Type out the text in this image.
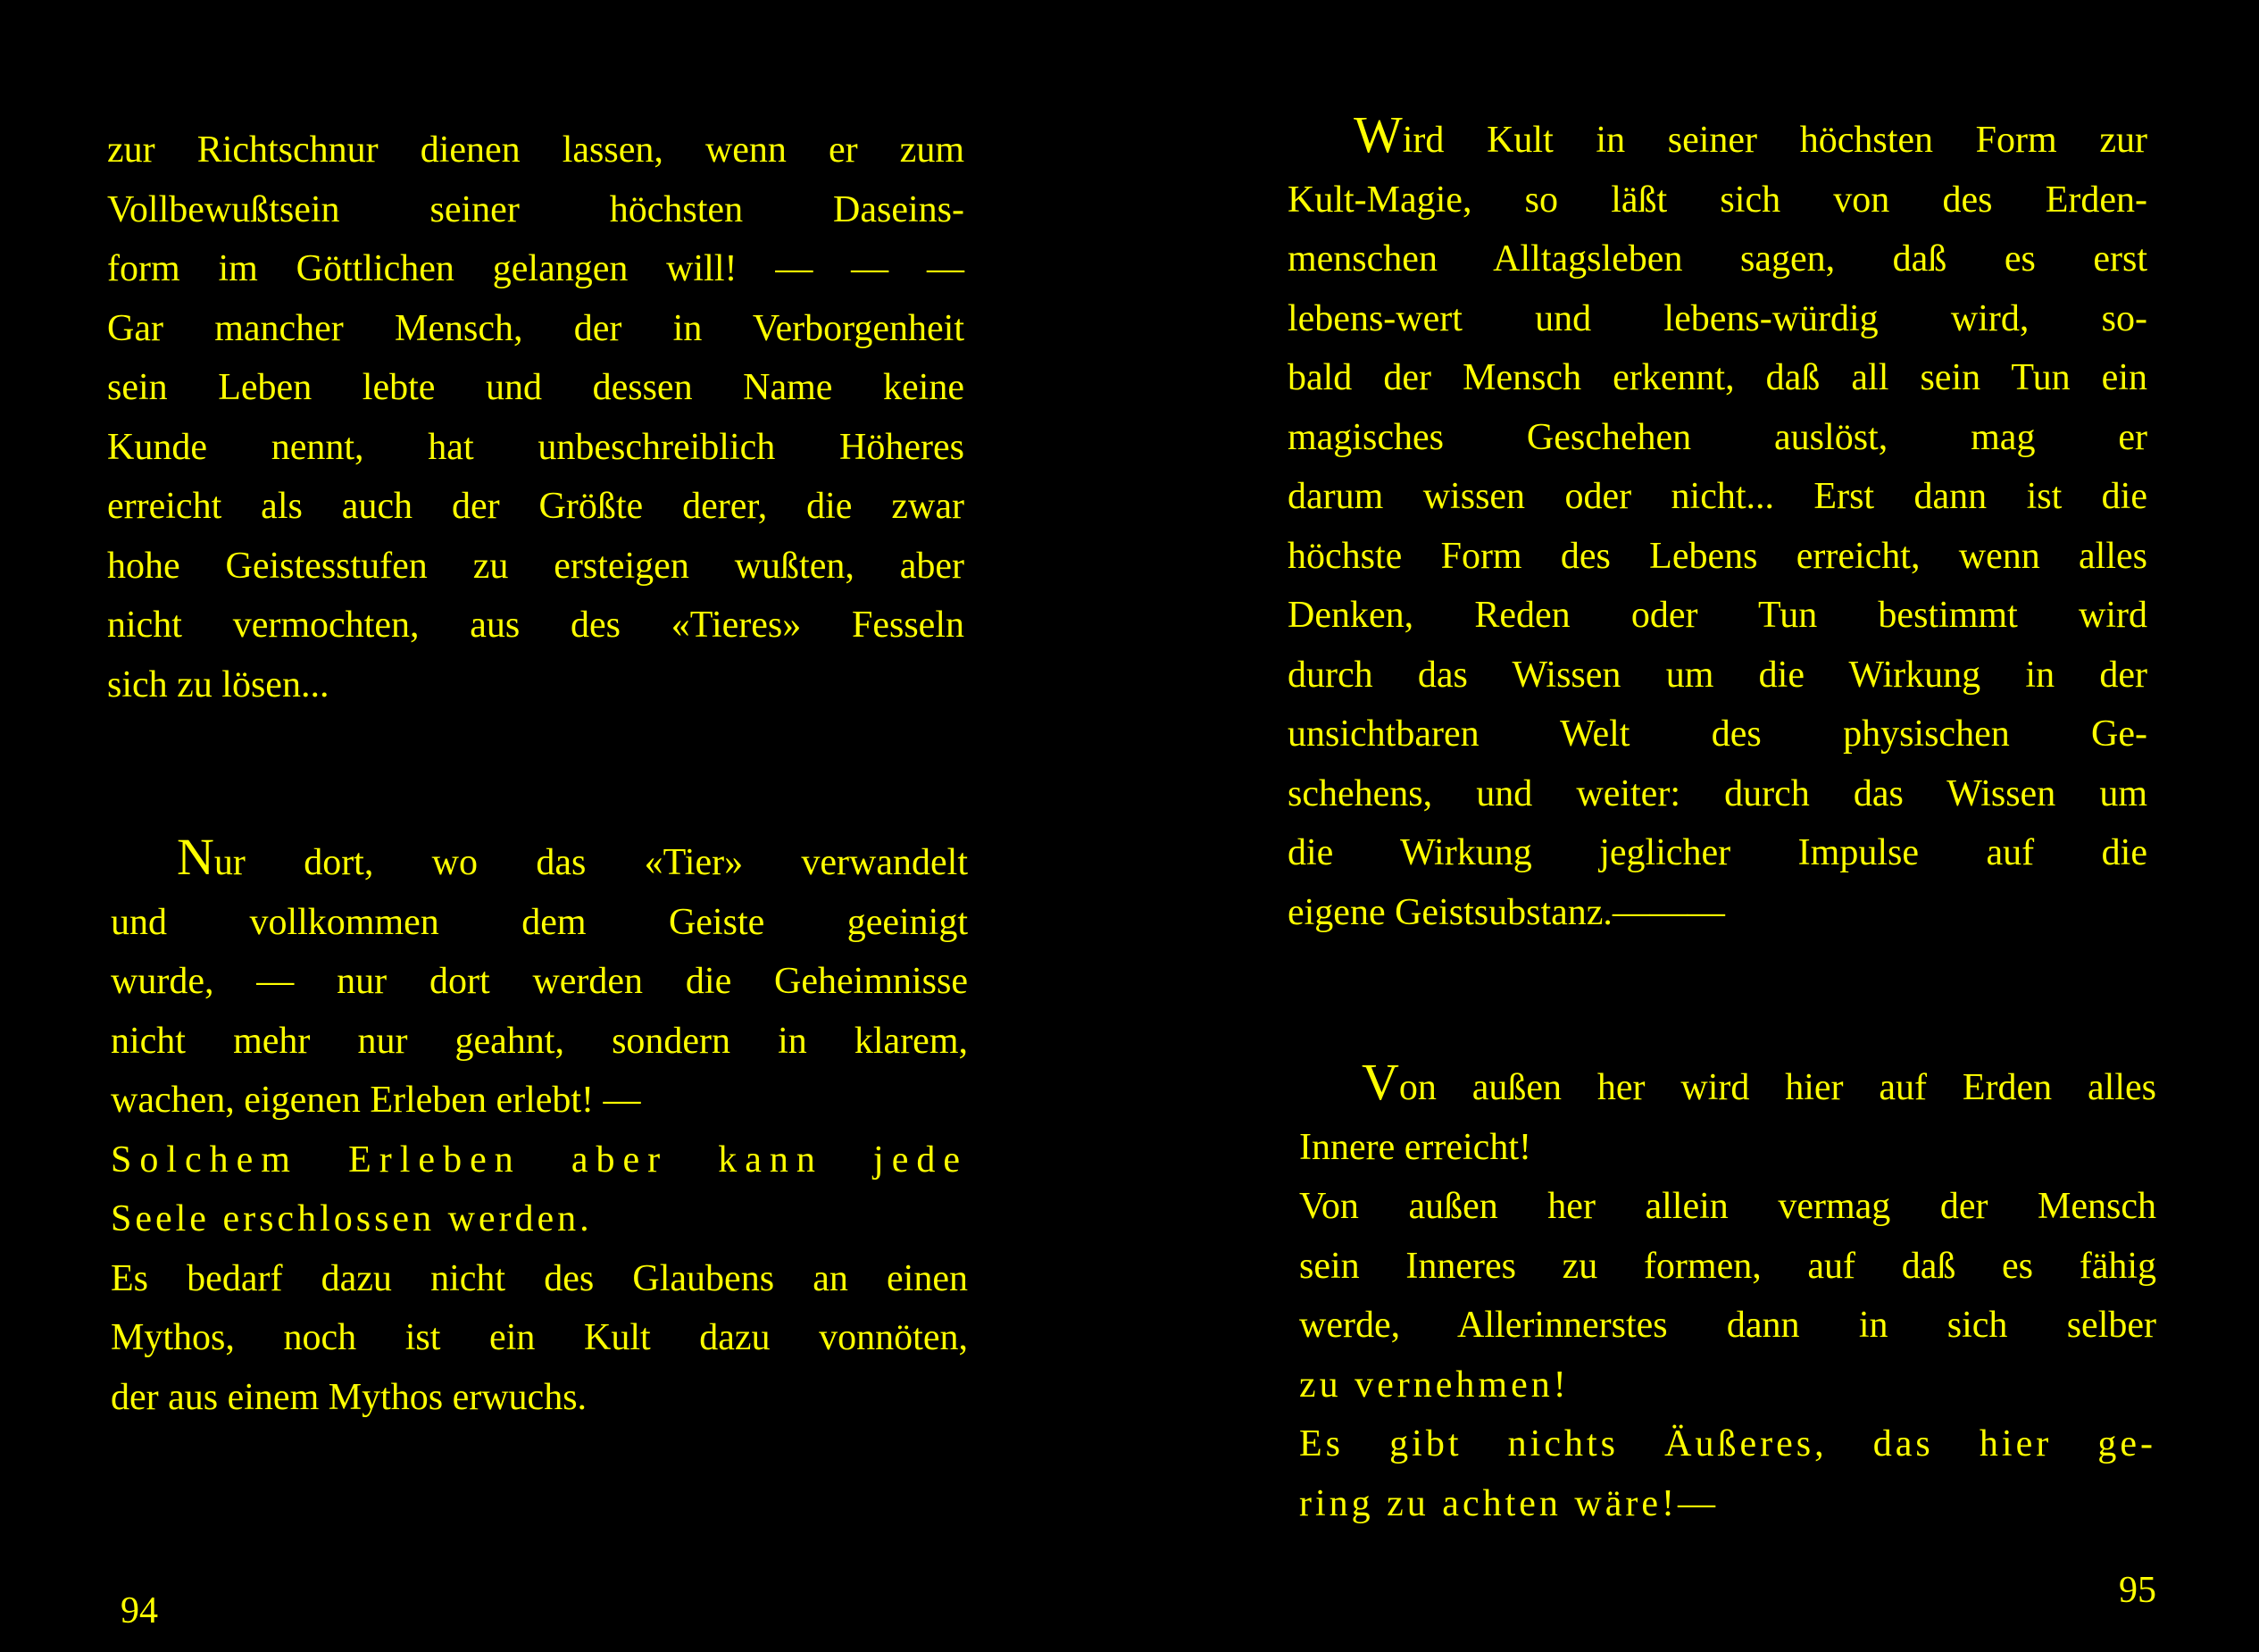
zur Richtschnur dienen lassen, wenn er zum
Vollbewußtsein seiner höchsten Daseins-
form im Göttlichen gelangen will! — — —
Gar mancher Mensch, der in Verborgenheit
sein Leben lebte und dessen Name keine
Kunde nennt, hat unbeschreiblich Höheres
erreicht als auch der Größte derer, die zwar
hohe Geistesstufen zu ersteigen wußten, aber
nicht vermochten, aus des «Tieres» Fesseln
sich zu lösen...
Nur dort, wo das «Tier» verwandelt
und vollkommen dem Geiste geeinigt
wurde, — nur dort werden die Geheimnisse
nicht mehr nur geahnt, sondern in klarem,
wachen, eigenen Erleben erlebt! —
Solchem Erleben aber kann jede
Seele erschlossen werden.
Es bedarf dazu nicht des Glaubens an einen
Mythos, noch ist ein Kult dazu vonnöten,
der aus einem Mythos erwuchs.
94
Wird Kult in seiner höchsten Form zur
Kult-Magie, so läßt sich von des Erden-
menschen Alltagsleben sagen, daß es erst
lebens-wert und lebens-würdig wird, so-
bald der Mensch erkennt, daß all sein Tun ein
magisches Geschehen auslöst, mag er
darum wissen oder nicht... Erst dann ist die
höchste Form des Lebens erreicht, wenn alles
Denken, Reden oder Tun bestimmt wird
durch das Wissen um die Wirkung in der
unsichtbaren Welt des physischen Ge-
schehens, und weiter: durch das Wissen um
die Wirkung jeglicher Impulse auf die
eigene Geistsubstanz.———
Von außen her wird hier auf Erden alles
Innere erreicht!
Von außen her allein vermag der Mensch
sein Inneres zu formen, auf daß es fähig
werde, Allerinnerstes dann in sich selber
zu vernehmen!
Es gibt nichts Äußeres, das hier ge-
ring zu achten wäre!—
95
